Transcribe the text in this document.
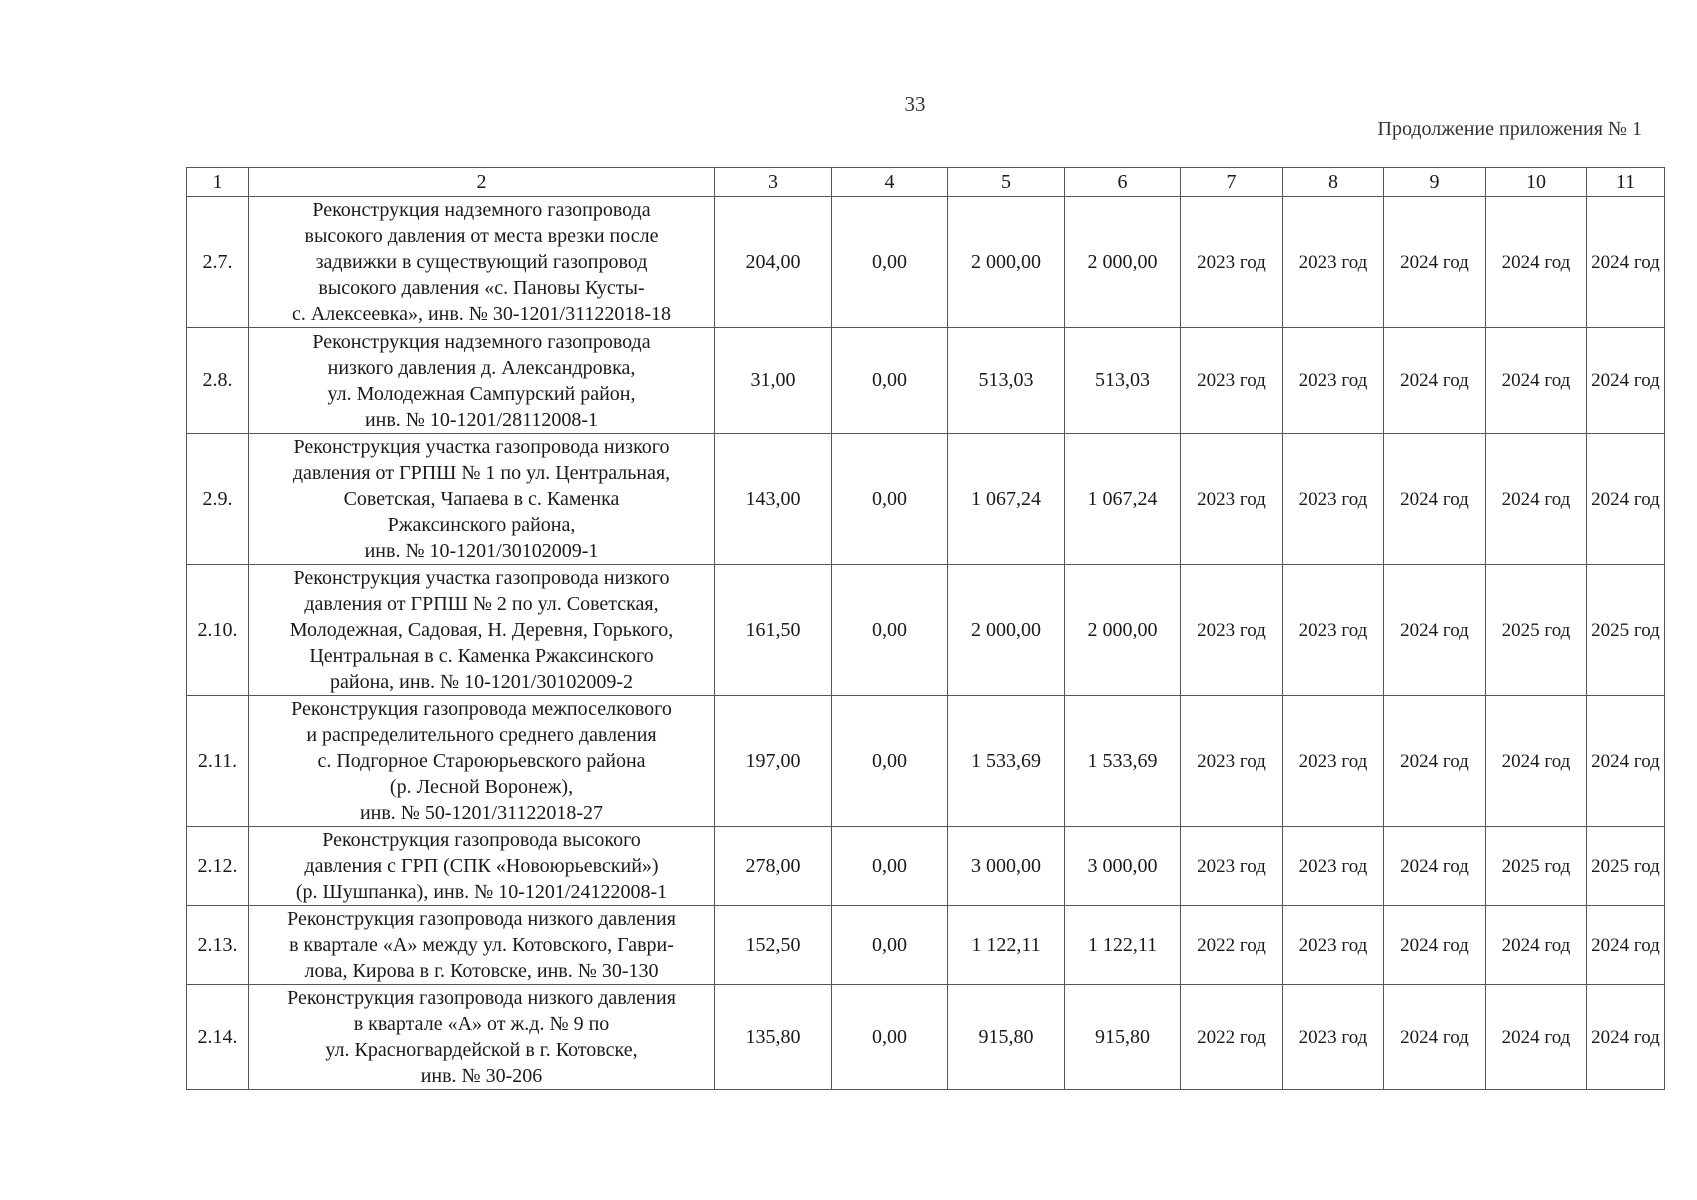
33
Продолжение приложения № 1
1	2	3	4	5	6	7	8	9	10	11
2.7.	Реконструкция надземного газопровода
высокого давления от места врезки после
задвижки в существующий газопровод
высокого давления «с. Пановы Кусты-
с. Алексеевка», инв. № 30-1201/31122018-18	204,00	0,00	2 000,00	2 000,00	2023 год	2023 год	2024 год	2024 год	2024 год
2.8.	Реконструкция надземного газопровода
низкого давления д. Александровка,
ул. Молодежная Сампурский район,
инв. № 10-1201/28112008-1	31,00	0,00	513,03	513,03	2023 год	2023 год	2024 год	2024 год	2024 год
2.9.	Реконструкция участка газопровода низкого
давления от ГРПШ № 1 по ул. Центральная,
Советская, Чапаева в с. Каменка
Ржаксинского района,
инв. № 10-1201/30102009-1	143,00	0,00	1 067,24	1 067,24	2023 год	2023 год	2024 год	2024 год	2024 год
2.10.	Реконструкция участка газопровода низкого
давления от ГРПШ № 2 по ул. Советская,
Молодежная, Садовая, Н. Деревня, Горького,
Центральная в с. Каменка Ржаксинского
района, инв. № 10-1201/30102009-2	161,50	0,00	2 000,00	2 000,00	2023 год	2023 год	2024 год	2025 год	2025 год
2.11.	Реконструкция газопровода межпоселкового
и распределительного среднего давления
с. Подгорное Староюрьевского района
(р. Лесной Воронеж),
инв. № 50-1201/31122018-27	197,00	0,00	1 533,69	1 533,69	2023 год	2023 год	2024 год	2024 год	2024 год
2.12.	Реконструкция газопровода высокого
давления с ГРП (СПК «Новоюрьевский»)
(р. Шушпанка), инв. № 10-1201/24122008-1	278,00	0,00	3 000,00	3 000,00	2023 год	2023 год	2024 год	2025 год	2025 год
2.13.	Реконструкция газопровода низкого давления
в квартале «А» между ул. Котовского, Гаври-
лова, Кирова в г. Котовске, инв. № 30-130	152,50	0,00	1 122,11	1 122,11	2022 год	2023 год	2024 год	2024 год	2024 год
2.14.	Реконструкция газопровода низкого давления
в квартале «А» от ж.д. № 9 по
ул. Красногвардейской в г. Котовске,
инв. № 30-206	135,80	0,00	915,80	915,80	2022 год	2023 год	2024 год	2024 год	2024 год
